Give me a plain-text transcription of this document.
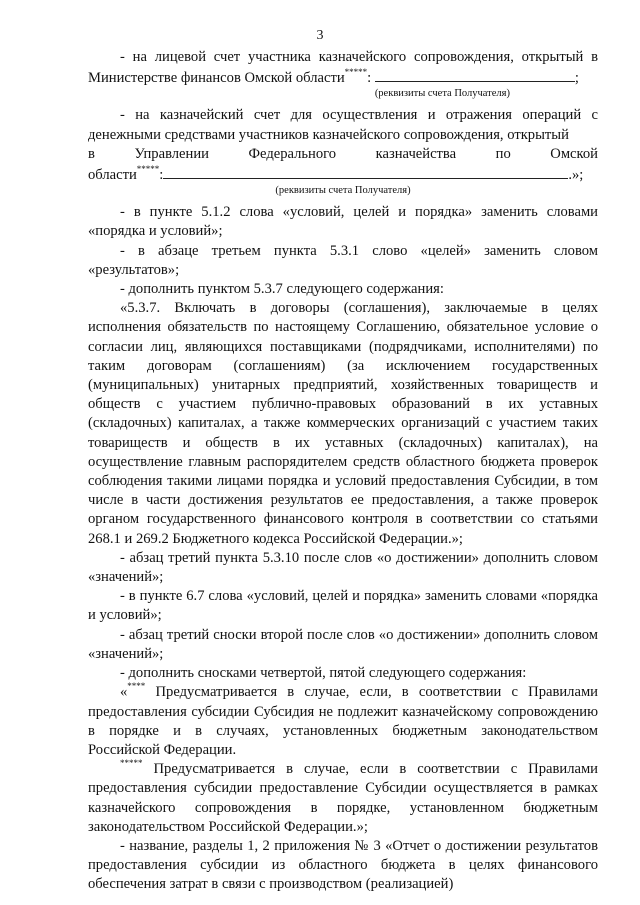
3

- на лицевой счет участника казначейского сопровождения, открытый в Министерстве финансов Омской области*****:	;

(реквизиты счета Получателя)

- на казначейский счет для осуществления и отражения операций с денежными средствами участников казначейского сопровождения, открытый

в	Управлении	Федерального	казначейства	по	Омской

области*****:	.»;

(реквизиты счета Получателя)

- в пункте 5.1.2 слова «условий, целей и порядка» заменить словами «порядка и условий»;

- в абзаце третьем пункта 5.3.1 слово «целей» заменить словом «результатов»;

- дополнить пунктом 5.3.7 следующего содержания:

«5.3.7. Включать в договоры (соглашения), заключаемые в целях исполнения обязательств по настоящему Соглашению, обязательное условие о согласии лиц, являющихся поставщиками (подрядчиками, исполнителями) по таким договорам (соглашениям) (за исключением государственных (муниципальных) унитарных предприятий, хозяйственных товариществ и обществ с участием публично-правовых образований в их уставных (складочных) капиталах, а также коммерческих организаций с участием таких товариществ и обществ в их уставных (складочных) капиталах), на осуществление главным распорядителем средств областного бюджета проверок соблюдения такими лицами порядка и условий предоставления Субсидии, в том числе в части достижения результатов ее предоставления, а также проверок органом государственного финансового контроля в соответствии со статьями 268.1 и 269.2 Бюджетного кодекса Российской Федерации.»;

- абзац третий пункта 5.3.10 после слов «о достижении» дополнить словом «значений»;

- в пункте 6.7 слова «условий, целей и порядка» заменить словами «порядка и условий»;

- абзац третий сноски второй после слов «о достижении» дополнить словом «значений»;

- дополнить сносками четвертой, пятой следующего содержания:

«**** Предусматривается в случае, если, в соответствии с Правилами предоставления субсидии Субсидия не подлежит казначейскому сопровождению в порядке и в случаях, установленных бюджетным законодательством Российской Федерации.

***** Предусматривается в случае, если в соответствии с Правилами предоставления субсидии предоставление Субсидии осуществляется в рамках казначейского сопровождения в порядке, установленном бюджетным законодательством Российской Федерации.»;

- название, разделы 1, 2 приложения № 3 «Отчет о достижении результатов предоставления субсидии из областного бюджета в целях финансового обеспечения затрат в связи с производством (реализацией)
